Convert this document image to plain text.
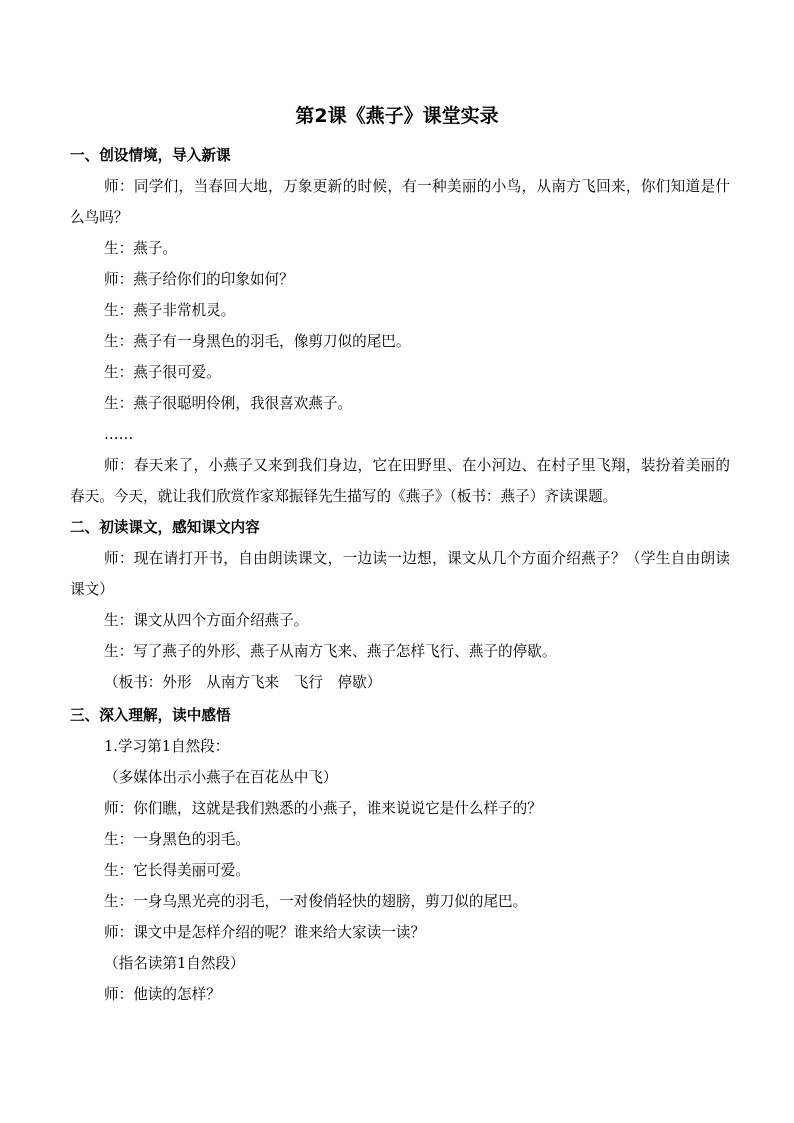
第2课《燕子》课堂实录
一、创设情境，导入新课
师：同学们，当春回大地，万象更新的时候，有一种美丽的小鸟，从南方飞回来，你们知道是什么鸟吗？
生：燕子。
师：燕子给你们的印象如何？
生：燕子非常机灵。
生：燕子有一身黑色的羽毛，像剪刀似的尾巴。
生：燕子很可爱。
生：燕子很聪明伶俐，我很喜欢燕子。
……
师：春天来了，小燕子又来到我们身边，它在田野里、在小河边、在村子里飞翔，装扮着美丽的春天。今天，就让我们欣赏作家郑振铎先生描写的《燕子》（板书：燕子）齐读课题。
二、初读课文，感知课文内容
师：现在请打开书，自由朗读课文，一边读一边想，课文从几个方面介绍燕子？（学生自由朗读课文）
生：课文从四个方面介绍燕子。
生：写了燕子的外形、燕子从南方飞来、燕子怎样飞行、燕子的停歇。
（板书：外形　从南方飞来　飞行　停歇）
三、深入理解，读中感悟
1.学习第1自然段：
（多媒体出示小燕子在百花丛中飞）
师：你们瞧，这就是我们熟悉的小燕子，谁来说说它是什么样子的？
生：一身黑色的羽毛。
生：它长得美丽可爱。
生：一身乌黑光亮的羽毛，一对俊俏轻快的翅膀，剪刀似的尾巴。
师：课文中是怎样介绍的呢？谁来给大家读一读？
（指名读第1自然段）
师：他读的怎样？
